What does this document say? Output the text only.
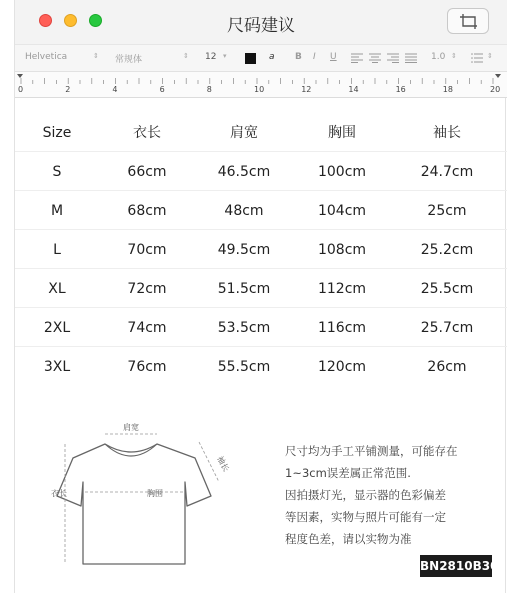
尺码建议
Helvetica	⇕ 常规体	⇕ 12 ▾	a B I U	1.0 ⇕	⇕
0	2	4	6	8	10	12	14	16	18	20
Size	衣长	肩宽	胸围	袖长
S	66cm	46.5cm	100cm	24.7cm
M	68cm	48cm	104cm	25cm
L	70cm	49.5cm	108cm	25.2cm
XL	72cm	51.5cm	112cm	25.5cm
2XL	74cm	53.5cm	116cm	25.7cm
3XL	76cm	55.5cm	120cm	26cm
肩宽
袖长
衣长	胸围
尺寸均为手工平铺测量，可能存在
1~3cm误差属正常范围.
因拍摄灯光，显示器的色彩偏差
等因素，实物与照片可能有一定
程度色差，请以实物为准
BN2810B30
